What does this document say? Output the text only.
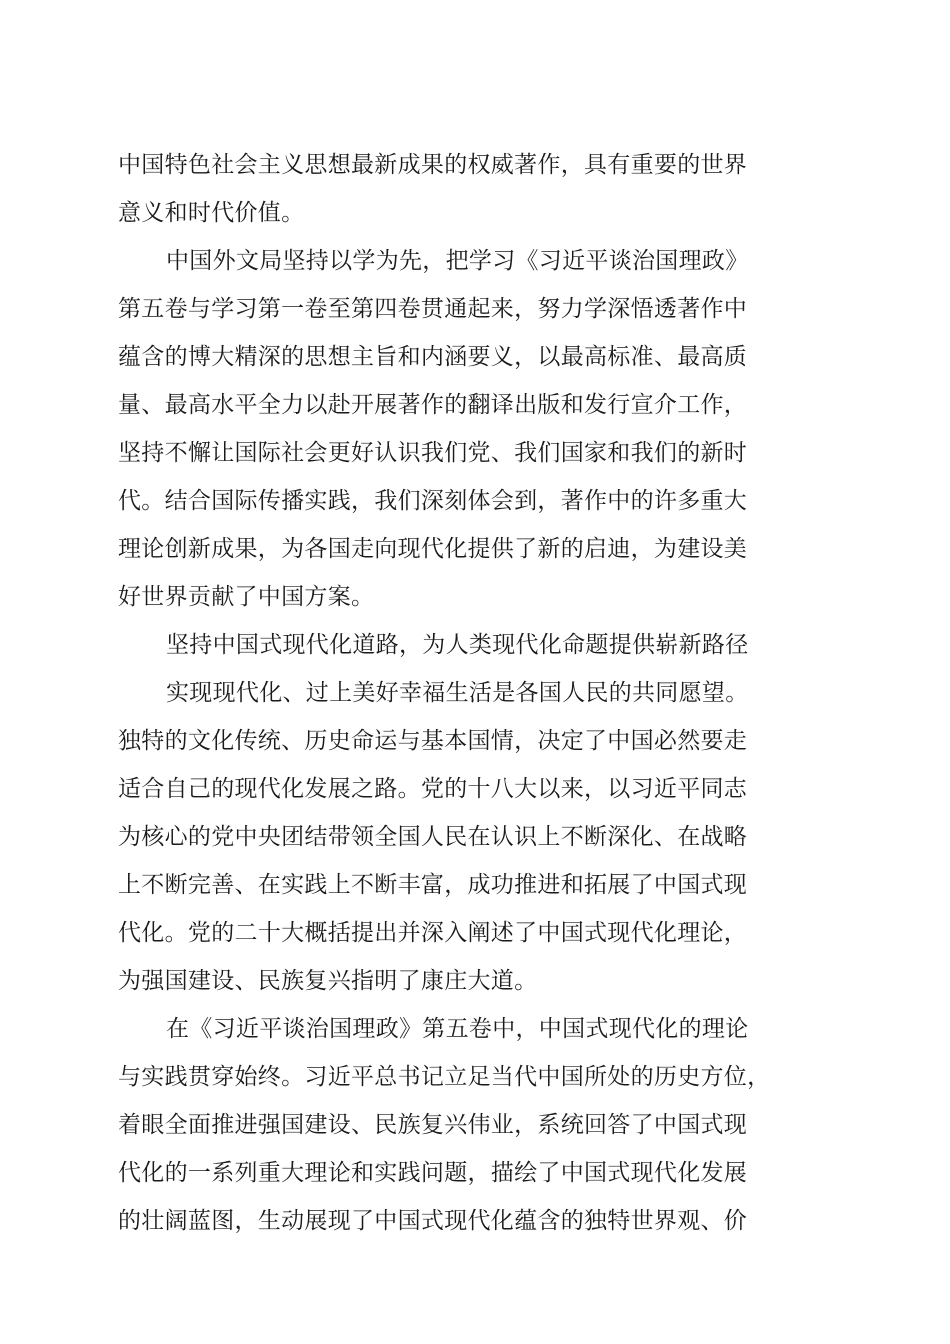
中国特色社会主义思想最新成果的权威著作，具有重要的世界
意义和时代价值。
中国外文局坚持以学为先，把学习《习近平谈治国理政》
第五卷与学习第一卷至第四卷贯通起来，努力学深悟透著作中
蕴含的博大精深的思想主旨和内涵要义，以最高标准、最高质
量、最高水平全力以赴开展著作的翻译出版和发行宣介工作，
坚持不懈让国际社会更好认识我们党、我们国家和我们的新时
代。结合国际传播实践，我们深刻体会到，著作中的许多重大
理论创新成果，为各国走向现代化提供了新的启迪，为建设美
好世界贡献了中国方案。
坚持中国式现代化道路，为人类现代化命题提供崭新路径
实现现代化、过上美好幸福生活是各国人民的共同愿望。
独特的文化传统、历史命运与基本国情，决定了中国必然要走
适合自己的现代化发展之路。党的十八大以来，以习近平同志
为核心的党中央团结带领全国人民在认识上不断深化、在战略
上不断完善、在实践上不断丰富，成功推进和拓展了中国式现
代化。党的二十大概括提出并深入阐述了中国式现代化理论，
为强国建设、民族复兴指明了康庄大道。
在《习近平谈治国理政》第五卷中，中国式现代化的理论
与实践贯穿始终。习近平总书记立足当代中国所处的历史方位，
着眼全面推进强国建设、民族复兴伟业，系统回答了中国式现
代化的一系列重大理论和实践问题，描绘了中国式现代化发展
的壮阔蓝图，生动展现了中国式现代化蕴含的独特世界观、价
